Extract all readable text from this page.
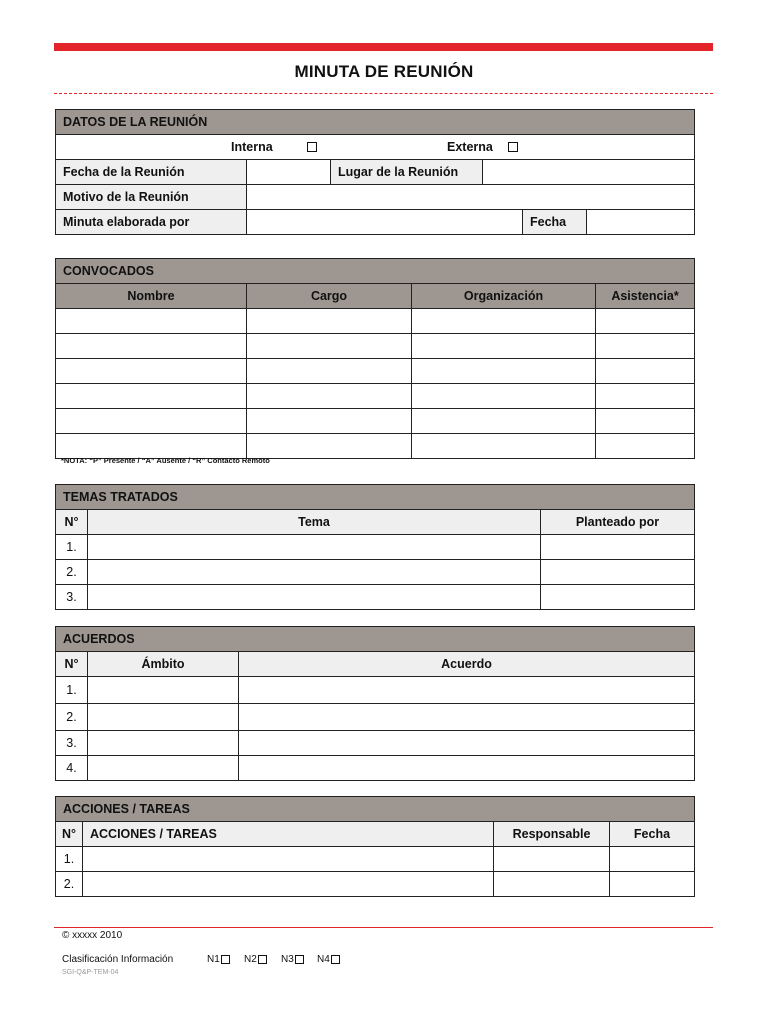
MINUTA DE REUNIÓN
DATOS DE LA REUNIÓN					

Interna Externa					

Fecha de la Reunión		Lugar de la Reunión			
Motivo de la Reunión					
Minuta elaborada por				Fecha	
CONVOCADOS			
Nombre	Cargo	Organización	Asistencia*

*NOTA: “P” Presente / “A” Ausente / “R” Contacto Remoto
TEMAS TRATADOS		
N°	Tema	Planteado por
1.		
2.		
3.		
ACUERDOS		
N°	Ámbito	Acuerdo
1.		
2.		
3.		
4.		
ACCIONES / TAREAS			
N°	ACCIONES / TAREAS	Responsable	Fecha
1.			
2.			
© xxxxx 2010
Clasificación Información	N1	N2	N3	N4
SGI-Q&P-TEM-04
